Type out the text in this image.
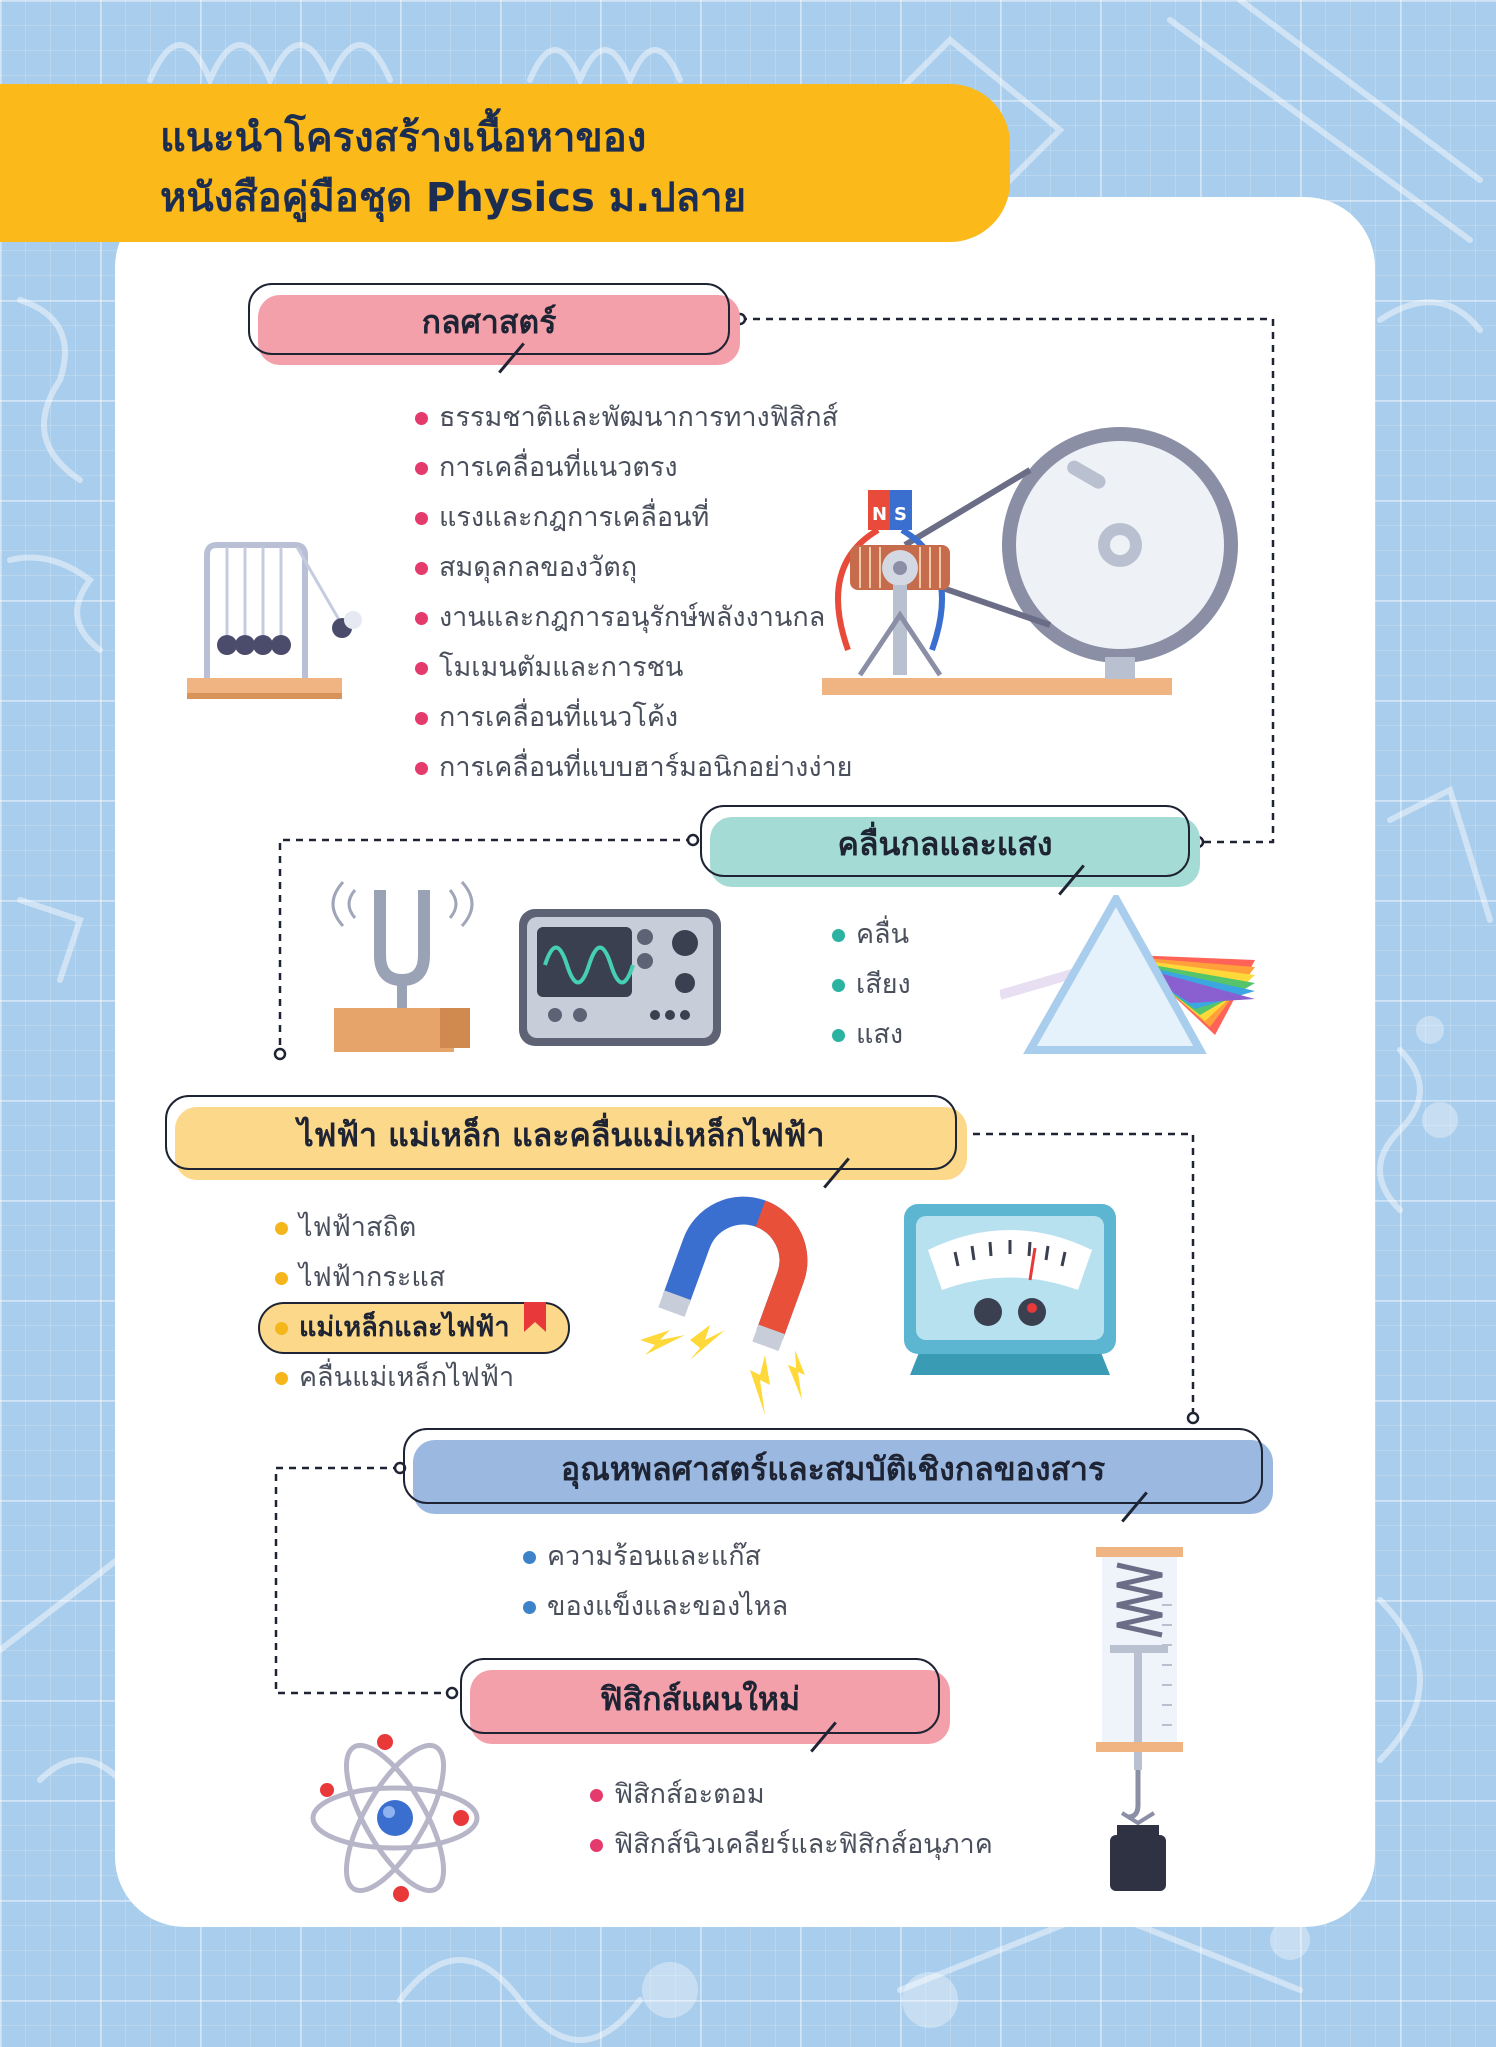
แนะนำโครงสร้างเนื้อหาของ
หนังสือคู่มือชุด Physics ม.ปลาย
กลศาสตร์
ธรรมชาติและพัฒนาการทางฟิสิกส์
การเคลื่อนที่แนวตรง
แรงและกฎการเคลื่อนที่
สมดุลกลของวัตถุ
งานและกฎการอนุรักษ์พลังงานกล
โมเมนตัมและการชน
การเคลื่อนที่แนวโค้ง
การเคลื่อนที่แบบฮาร์มอนิกอย่างง่าย
N S
คลื่นกลและแสง
คลื่น
เสียง
แสง
ไฟฟ้า แม่เหล็ก และคลื่นแม่เหล็กไฟฟ้า
ไฟฟ้าสถิต
ไฟฟ้ากระแส
แม่เหล็กและไฟฟ้า
คลื่นแม่เหล็กไฟฟ้า
อุณหพลศาสตร์และสมบัติเชิงกลของสาร
ความร้อนและแก๊ส
ของแข็งและของไหล
ฟิสิกส์แผนใหม่
ฟิสิกส์อะตอม
ฟิสิกส์นิวเคลียร์และฟิสิกส์อนุภาค
